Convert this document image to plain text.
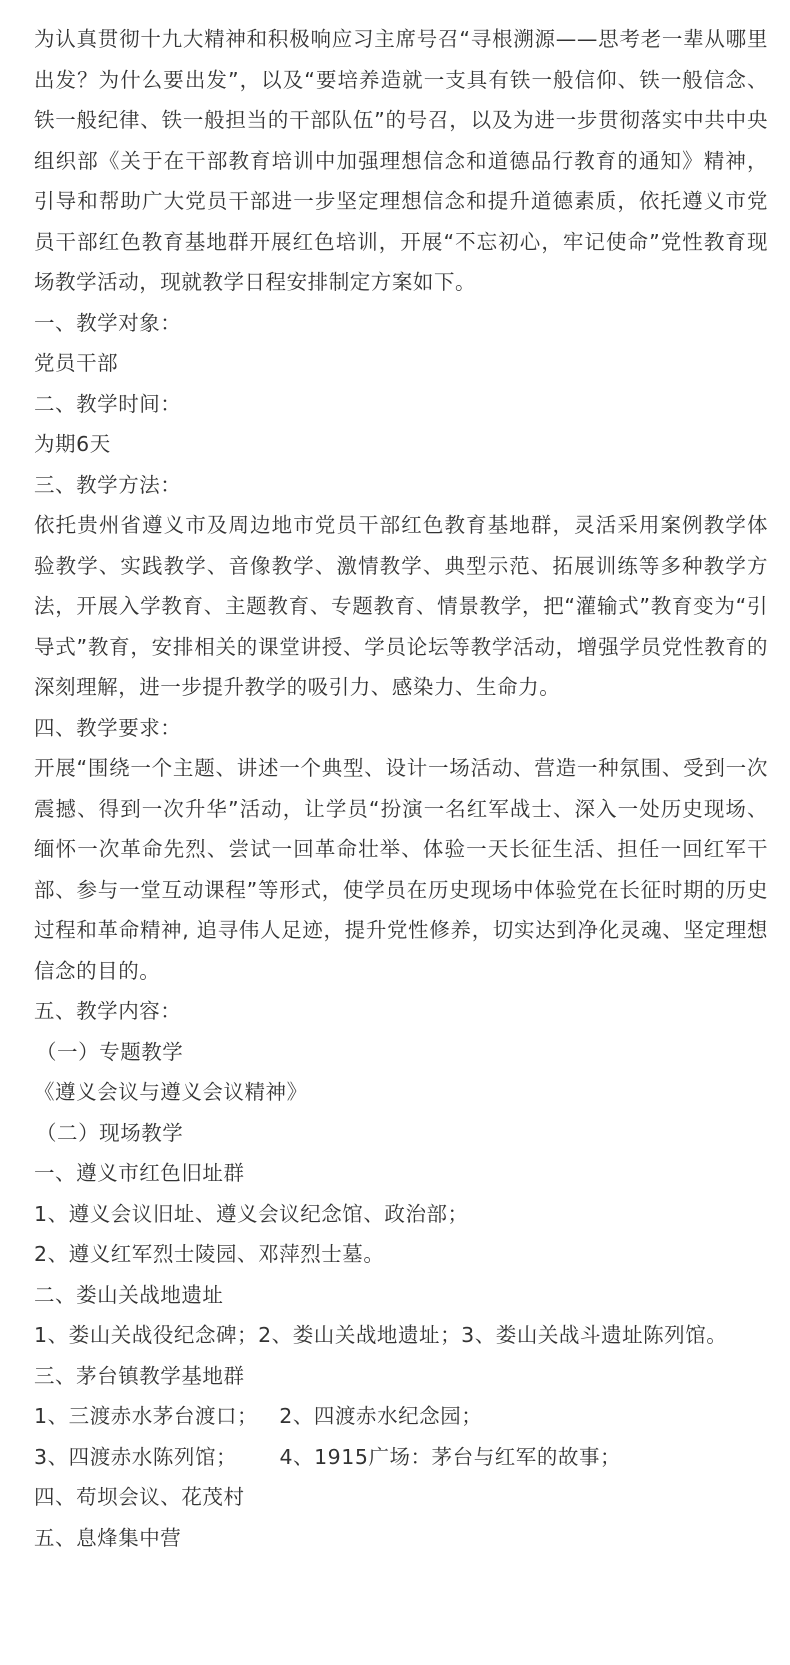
为认真贯彻十九大精神和积极响应习主席号召“寻根溯源——思考老一辈从哪里出发？为什么要出发”，以及“要培养造就一支具有铁一般信仰、铁一般信念、铁一般纪律、铁一般担当的干部队伍”的号召，以及为进一步贯彻落实中共中央组织部《关于在干部教育培训中加强理想信念和道德品行教育的通知》精神，引导和帮助广大党员干部进一步坚定理想信念和提升道德素质，依托遵义市党员干部红色教育基地群开展红色培训，开展“不忘初心，牢记使命”党性教育现场教学活动，现就教学日程安排制定方案如下。

一、教学对象：

党员干部

二、教学时间：

为期6天

三、教学方法：

依托贵州省遵义市及周边地市党员干部红色教育基地群，灵活采用案例教学体验教学、实践教学、音像教学、激情教学、典型示范、拓展训练等多种教学方法，开展入学教育、主题教育、专题教育、情景教学，把“灌输式”教育变为“引导式”教育，安排相关的课堂讲授、学员论坛等教学活动，增强学员党性教育的深刻理解，进一步提升教学的吸引力、感染力、生命力。

四、教学要求：

开展“围绕一个主题、讲述一个典型、设计一场活动、营造一种氛围、受到一次震撼、得到一次升华”活动，让学员“扮演一名红军战士、深入一处历史现场、缅怀一次革命先烈、尝试一回革命壮举、体验一天长征生活、担任一回红军干部、参与一堂互动课程”等形式，使学员在历史现场中体验党在长征时期的历史过程和革命精神, 追寻伟人足迹，提升党性修养，切实达到净化灵魂、坚定理想信念的目的。

五、教学内容：

（一）专题教学

《遵义会议与遵义会议精神》

（二）现场教学

一、遵义市红色旧址群

1、遵义会议旧址、遵义会议纪念馆、政治部；

2、遵义红军烈士陵园、邓萍烈士墓。

二、娄山关战地遗址

1、娄山关战役纪念碑；2、娄山关战地遗址；3、娄山关战斗遗址陈列馆。

三、茅台镇教学基地群

1、三渡赤水茅台渡口；   2、四渡赤水纪念园；

3、四渡赤水陈列馆；      4、1915广场：茅台与红军的故事；

四、苟坝会议、花茂村

五、息烽集中营
